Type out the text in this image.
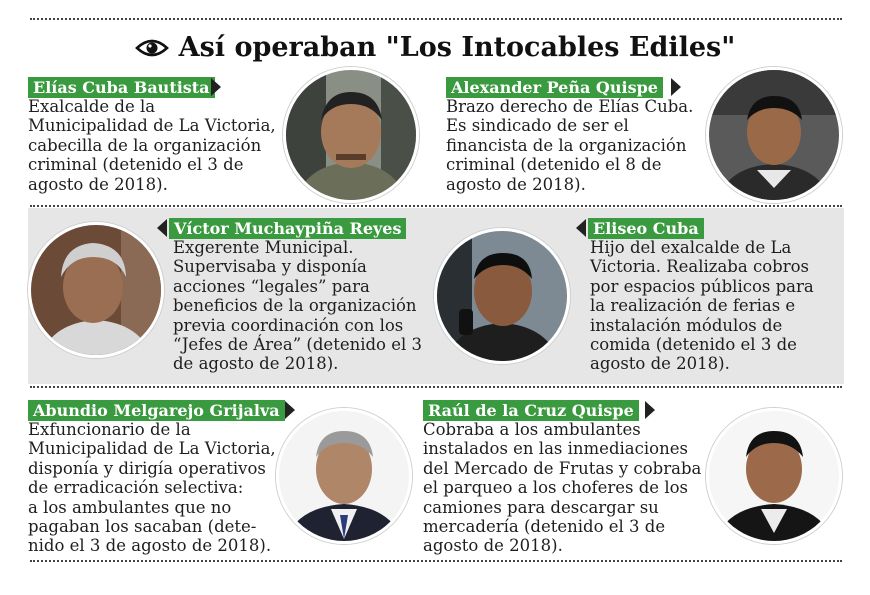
Así operaban "Los Intocables Ediles"
Elías Cuba Bautista
Exalcalde de la
Municipalidad de La Victoria,
cabecilla de la organización
criminal (detenido el 3 de
agosto de 2018).
Alexander Peña Quispe
Brazo derecho de Elías Cuba.
Es sindicado de ser el
financista de la organización
criminal (detenido el 8 de
agosto de 2018).
Víctor Muchaypiña Reyes
Exgerente Municipal.
Supervisaba y disponía
acciones “legales” para
beneficios de la organización
previa coordinación con los
“Jefes de Área” (detenido el 3
de agosto de 2018).
Eliseo Cuba
Hijo del exalcalde de La
Victoria. Realizaba cobros
por espacios públicos para
la realización de ferias e
instalación módulos de
comida (detenido el 3 de
agosto de 2018).
Abundio Melgarejo Grijalva
Exfuncionario de la
Municipalidad de La Victoria,
disponía y dirigía operativos
de erradicación selectiva:
a los ambulantes que no
pagaban los sacaban (dete-
nido el 3 de agosto de 2018).
Raúl de la Cruz Quispe
Cobraba a los ambulantes
instalados en las inmediaciones
del Mercado de Frutas y cobraba
el parqueo a los choferes de los
camiones para descargar su
mercadería (detenido el 3 de
agosto de 2018).
